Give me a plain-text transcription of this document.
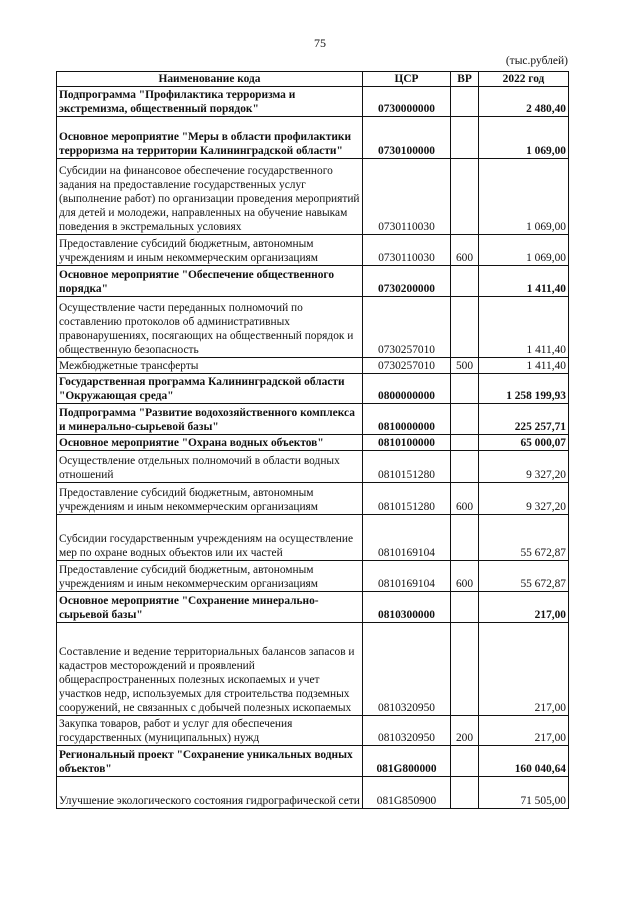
75
(тыс.рублей)
Наименование кода	ЦСР	ВР	2022 год
Подпрограмма "Профилактика терроризма и экстремизма, общественный порядок"	0730000000		2 480,40
Основное мероприятие "Меры в области профилактики терроризма на территории Калининградской области"	0730100000		1 069,00
Субсидии на финансовое обеспечение государственного задания на предоставление государственных услуг (выполнение работ) по организации проведения мероприятий для детей и молодежи, направленных на обучение навыкам поведения в экстремальных условиях	0730110030		1 069,00
Предоставление субсидий бюджетным, автономным учреждениям и иным некоммерческим организациям	0730110030	600	1 069,00
Основное мероприятие "Обеспечение общественного порядка"	0730200000		1 411,40
Осуществление части переданных полномочий по составлению протоколов об административных правонарушениях, посягающих на общественный порядок и общественную безопасность	0730257010		1 411,40
Межбюджетные трансферты	0730257010	500	1 411,40
Государственная программа Калининградской области "Окружающая среда"	0800000000		1 258 199,93
Подпрограмма "Развитие водохозяйственного комплекса и минерально-сырьевой базы"	0810000000		225 257,71
Основное мероприятие "Охрана водных объектов"	0810100000		65 000,07
Осуществление отдельных полномочий в области водных отношений	0810151280		9 327,20
Предоставление субсидий бюджетным, автономным учреждениям и иным некоммерческим организациям	0810151280	600	9 327,20
Субсидии государственным учреждениям на осуществление мер по охране водных объектов или их частей	0810169104		55 672,87
Предоставление субсидий бюджетным, автономным учреждениям и иным некоммерческим организациям	0810169104	600	55 672,87
Основное мероприятие "Сохранение минерально-сырьевой базы"	0810300000		217,00
Составление и ведение территориальных балансов запасов и кадастров месторождений и проявлений общераспространенных полезных ископаемых и учет участков недр, используемых для строительства подземных сооружений, не связанных с добычей полезных ископаемых	0810320950		217,00
Закупка товаров, работ и услуг для обеспечения государственных (муниципальных) нужд	0810320950	200	217,00
Региональный проект "Сохранение уникальных водных объектов"	081G800000		160 040,64
Улучшение экологического состояния гидрографической сети	081G850900		71 505,00
